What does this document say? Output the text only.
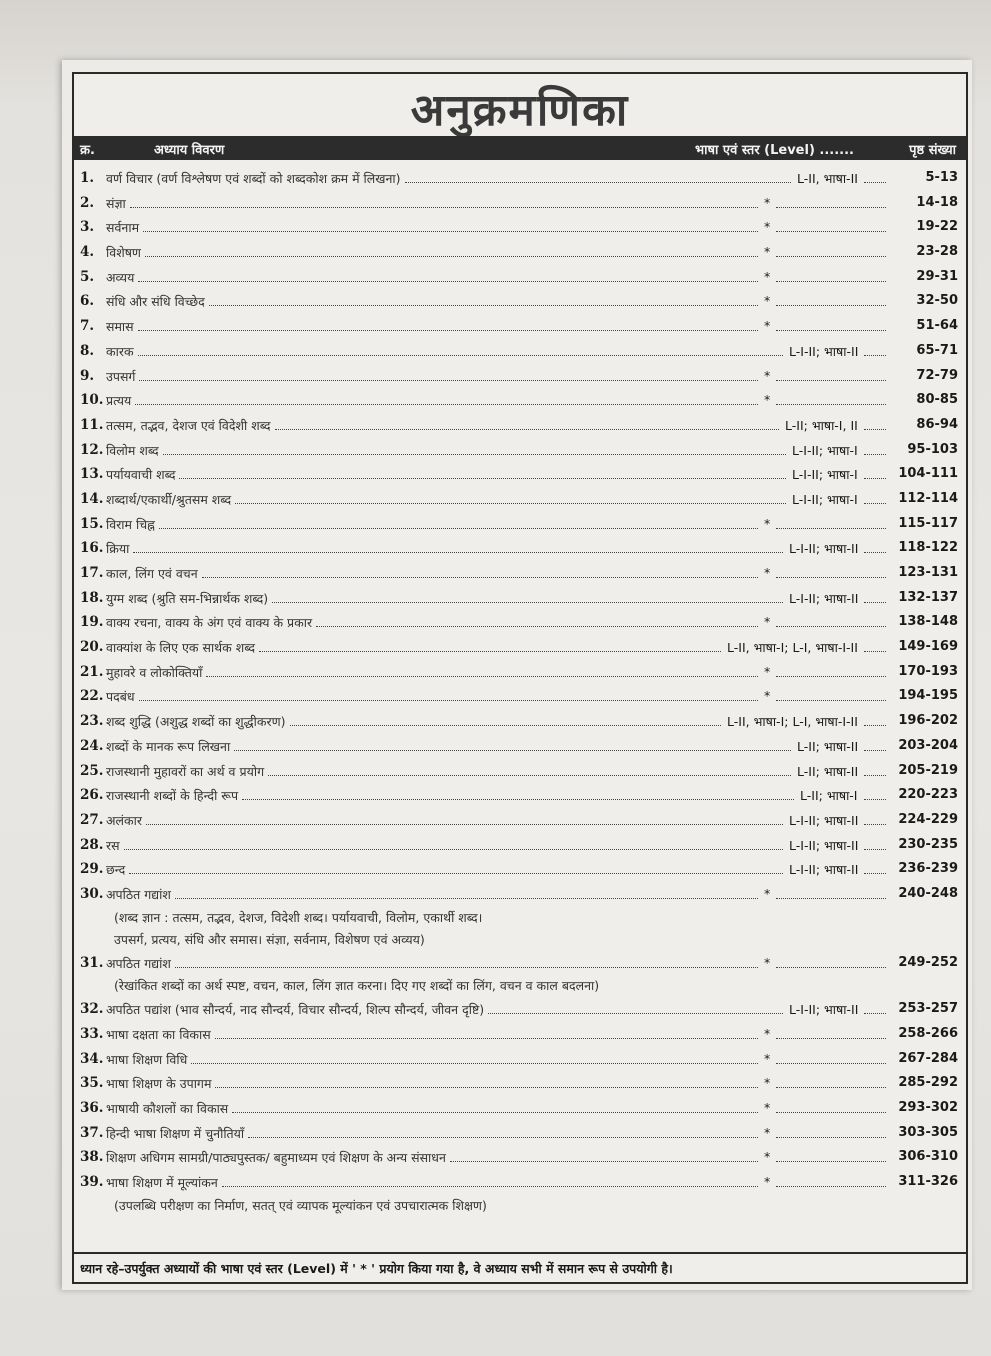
अनुक्रमणिका
क्र.	अध्याय विवरण	भाषा एवं स्तर (Level) .......	पृष्ठ संख्या
1. वर्ण विचार (वर्ण विश्लेषण एवं शब्दों को शब्दकोश क्रम में लिखना)	L-II, भाषा-II	5-13
2. संज्ञा	*	14-18
3. सर्वनाम	*	19-22
4. विशेषण	*	23-28
5. अव्यय	*	29-31
6. संधि और संधि विच्छेद	*	32-50
7. समास	*	51-64
8. कारक	L-I-II; भाषा-II	65-71
9. उपसर्ग	*	72-79
10. प्रत्यय	*	80-85
11. तत्सम, तद्भव, देशज एवं विदेशी शब्द	L-II; भाषा-I, II	86-94
12. विलोम शब्द	L-I-II; भाषा-I	95-103
13. पर्यायवाची शब्द	L-I-II; भाषा-I	104-111
14. शब्दार्थ/एकार्थी/श्रुतसम शब्द	L-I-II; भाषा-I	112-114
15. विराम चिह्न	*	115-117
16. क्रिया	L-I-II; भाषा-II	118-122
17. काल, लिंग एवं वचन	*	123-131
18. युग्म शब्द (श्रुति सम-भिन्नार्थक शब्द)	L-I-II; भाषा-II	132-137
19. वाक्य रचना, वाक्य के अंग एवं वाक्य के प्रकार	*	138-148
20. वाक्यांश के लिए एक सार्थक शब्द	L-II, भाषा-I; L-I, भाषा-I-II	149-169
21. मुहावरे व लोकोक्तियाँ	*	170-193
22. पदबंध	*	194-195
23. शब्द शुद्धि (अशुद्ध शब्दों का शुद्धीकरण)	L-II, भाषा-I; L-I, भाषा-I-II	196-202
24. शब्दों के मानक रूप लिखना	L-II; भाषा-II	203-204
25. राजस्थानी मुहावरों का अर्थ व प्रयोग	L-II; भाषा-II	205-219
26. राजस्थानी शब्दों के हिन्दी रूप	L-II; भाषा-I	220-223
27. अलंकार	L-I-II; भाषा-II	224-229
28. रस	L-I-II; भाषा-II	230-235
29. छन्द	L-I-II; भाषा-II	236-239
30. अपठित गद्यांश	*	240-248
(शब्द ज्ञान : तत्सम, तद्भव, देशज, विदेशी शब्द। पर्यायवाची, विलोम, एकार्थी शब्द।
उपसर्ग, प्रत्यय, संधि और समास। संज्ञा, सर्वनाम, विशेषण एवं अव्यय)
31. अपठित गद्यांश	*	249-252
(रेखांकित शब्दों का अर्थ स्पष्ट, वचन, काल, लिंग ज्ञात करना। दिए गए शब्दों का लिंग, वचन व काल बदलना)
32. अपठित पद्यांश (भाव सौन्दर्य, नाद सौन्दर्य, विचार सौन्दर्य, शिल्प सौन्दर्य, जीवन दृष्टि)	L-I-II; भाषा-II	253-257
33. भाषा दक्षता का विकास	*	258-266
34. भाषा शिक्षण विधि	*	267-284
35. भाषा शिक्षण के उपागम	*	285-292
36. भाषायी कौशलों का विकास	*	293-302
37. हिन्दी भाषा शिक्षण में चुनौतियाँ	*	303-305
38. शिक्षण अधिगम सामग्री/पाठ्यपुस्तक/ बहुमाध्यम एवं शिक्षण के अन्य संसाधन	*	306-310
39. भाषा शिक्षण में मूल्यांकन	*	311-326
(उपलब्धि परीक्षण का निर्माण, सतत् एवं व्यापक मूल्यांकन एवं उपचारात्मक शिक्षण)
ध्यान रहे–उपर्युक्त अध्यायों की भाषा एवं स्तर (Level) में ' * ' प्रयोग किया गया है, वे अध्याय सभी में समान रूप से उपयोगी है।
